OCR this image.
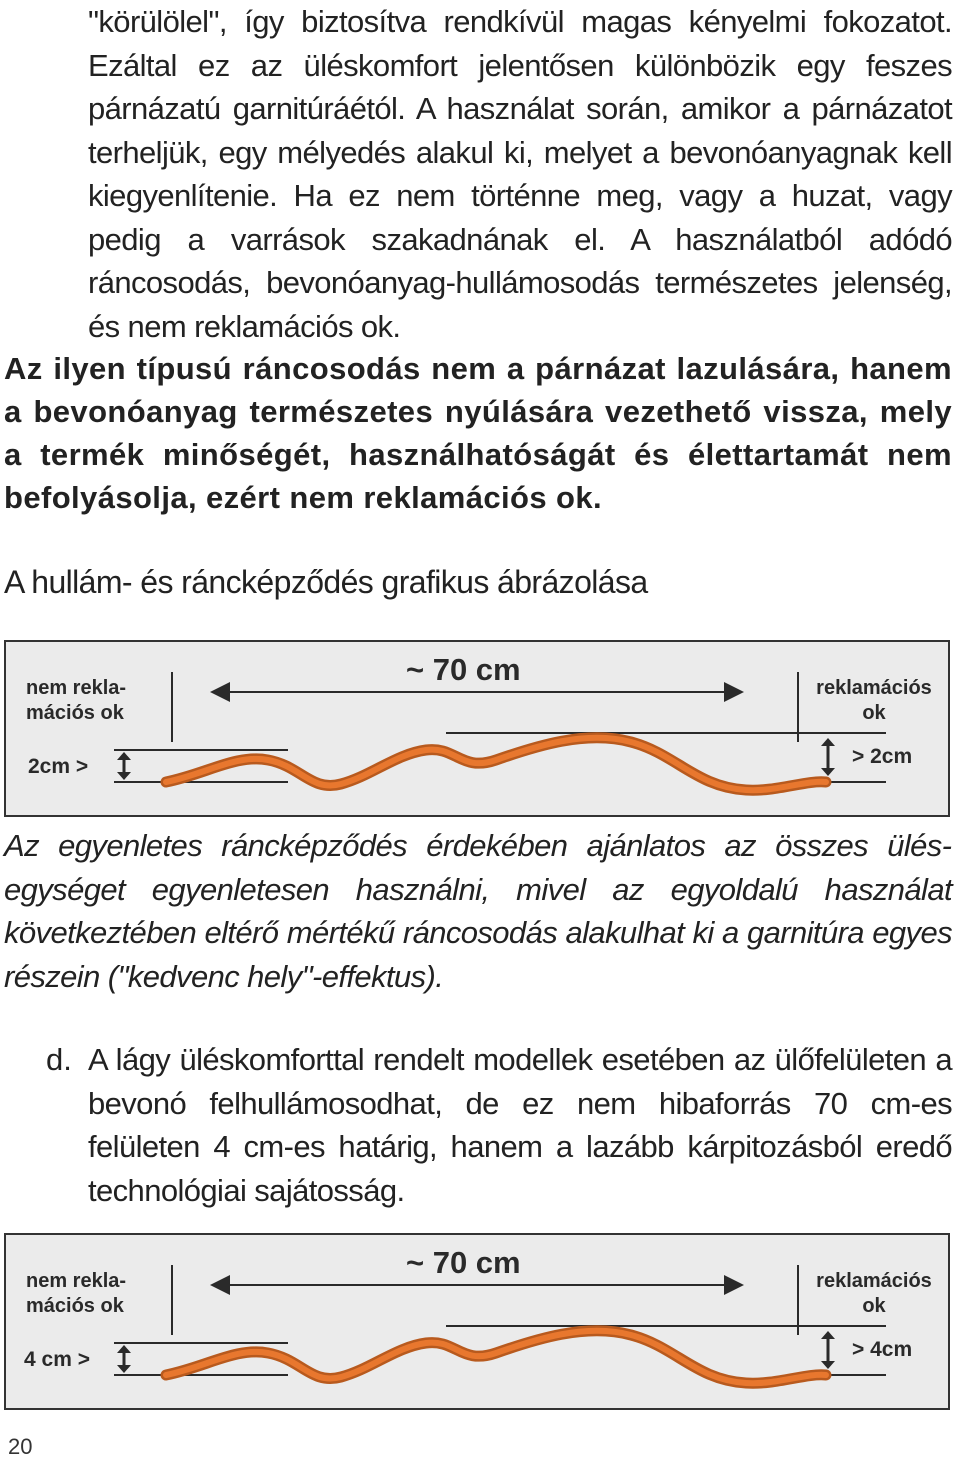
"körülölel", így biztosítva rendkívül magas kényelmi fokozatot. Ezáltal ez az üléskomfort jelentősen különbözik egy feszes párnázatú garnitúráétól. A használat során, amikor a párnázatot terheljük, egy mélyedés alakul ki, melyet a bevonóanyagnak kell kiegyenlítenie. Ha ez nem történne meg, vagy a huzat, vagy pedig a varrások szakadnának el. A használatból adódó ráncosodás, bevonóanyag-hullámosodás természetes jelenség, és nem reklamációs ok.

Az ilyen típusú ráncosodás nem a párnázat lazulására, hanem a bevonóanyag természetes nyúlására vezethető vissza, mely a termék minőségét, használhatóságát és élettartamát nem befolyásolja, ezért nem reklamációs ok.

A hullám- és ráncképződés grafikus ábrázolása

nem rekla-
mációs ok
~ 70 cm
reklamációs
ok
2cm >	> 2cm

Az egyenletes ráncképződés érdekében ajánlatos az összes ülésegységet egyenletesen használni, mivel az egyoldalú használat következtében eltérő mértékű ráncosodás alakulhat ki a garnitúra egyes részein ("kedvenc hely"-effektus).

d. A lágy üléskomforttal rendelt modellek esetében az ülőfelületen a bevonó felhullámosodhat, de ez nem hibaforrás 70 cm-es felületen 4 cm-es határig, hanem a lazább kárpitozásból eredő technológiai sajátosság.

nem rekla-
mációs ok
~ 70 cm
reklamációs
ok
4 cm >	> 4cm
20
